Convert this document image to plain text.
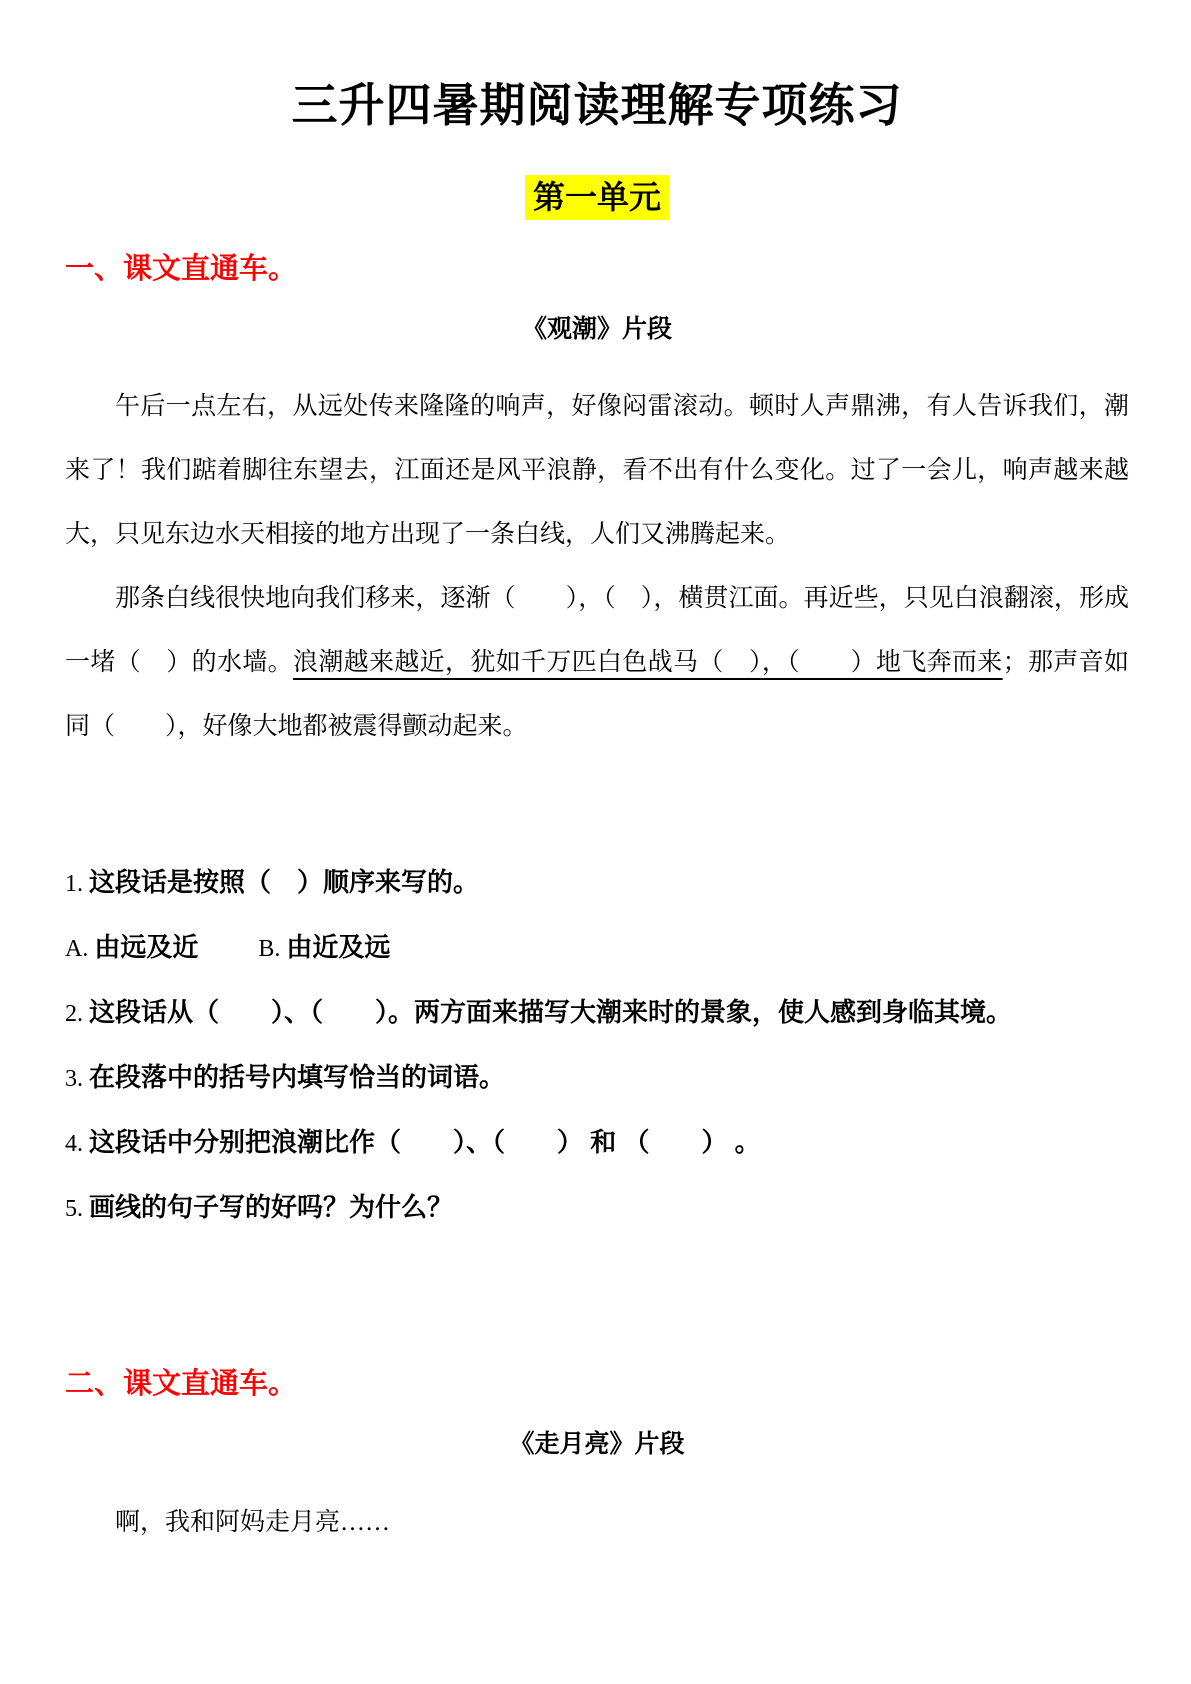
三升四暑期阅读理解专项练习
第一单元
一、课文直通车。
《观潮》片段

午后一点左右，从远处传来隆隆的响声，好像闷雷滚动。顿时人声鼎沸，有人告诉我们，潮来了！我们踮着脚往东望去，江面还是风平浪静，看不出有什么变化。过了一会儿，响声越来越大，只见东边水天相接的地方出现了一条白线，人们又沸腾起来。

那条白线很快地向我们移来，逐渐（　　），（　），横贯江面。再近些，只见白浪翻滚，形成一堵（　）的水墙。浪潮越来越近，犹如千万匹白色战马（　），（　　）地飞奔而来；那声音如同（　　），好像大地都被震得颤动起来。

1. 这段话是按照（　）顺序来写的。
A. 由远及近	B. 由近及远
2. 这段话从（　　）、（　　）。两方面来描写大潮来时的景象，使人感到身临其境。
3. 在段落中的括号内填写恰当的词语。
4. 这段话中分别把浪潮比作（　　）、（　　） 和 （　　） 。
5. 画线的句子写的好吗？为什么？
二、课文直通车。
《走月亮》片段

啊，我和阿妈走月亮……
